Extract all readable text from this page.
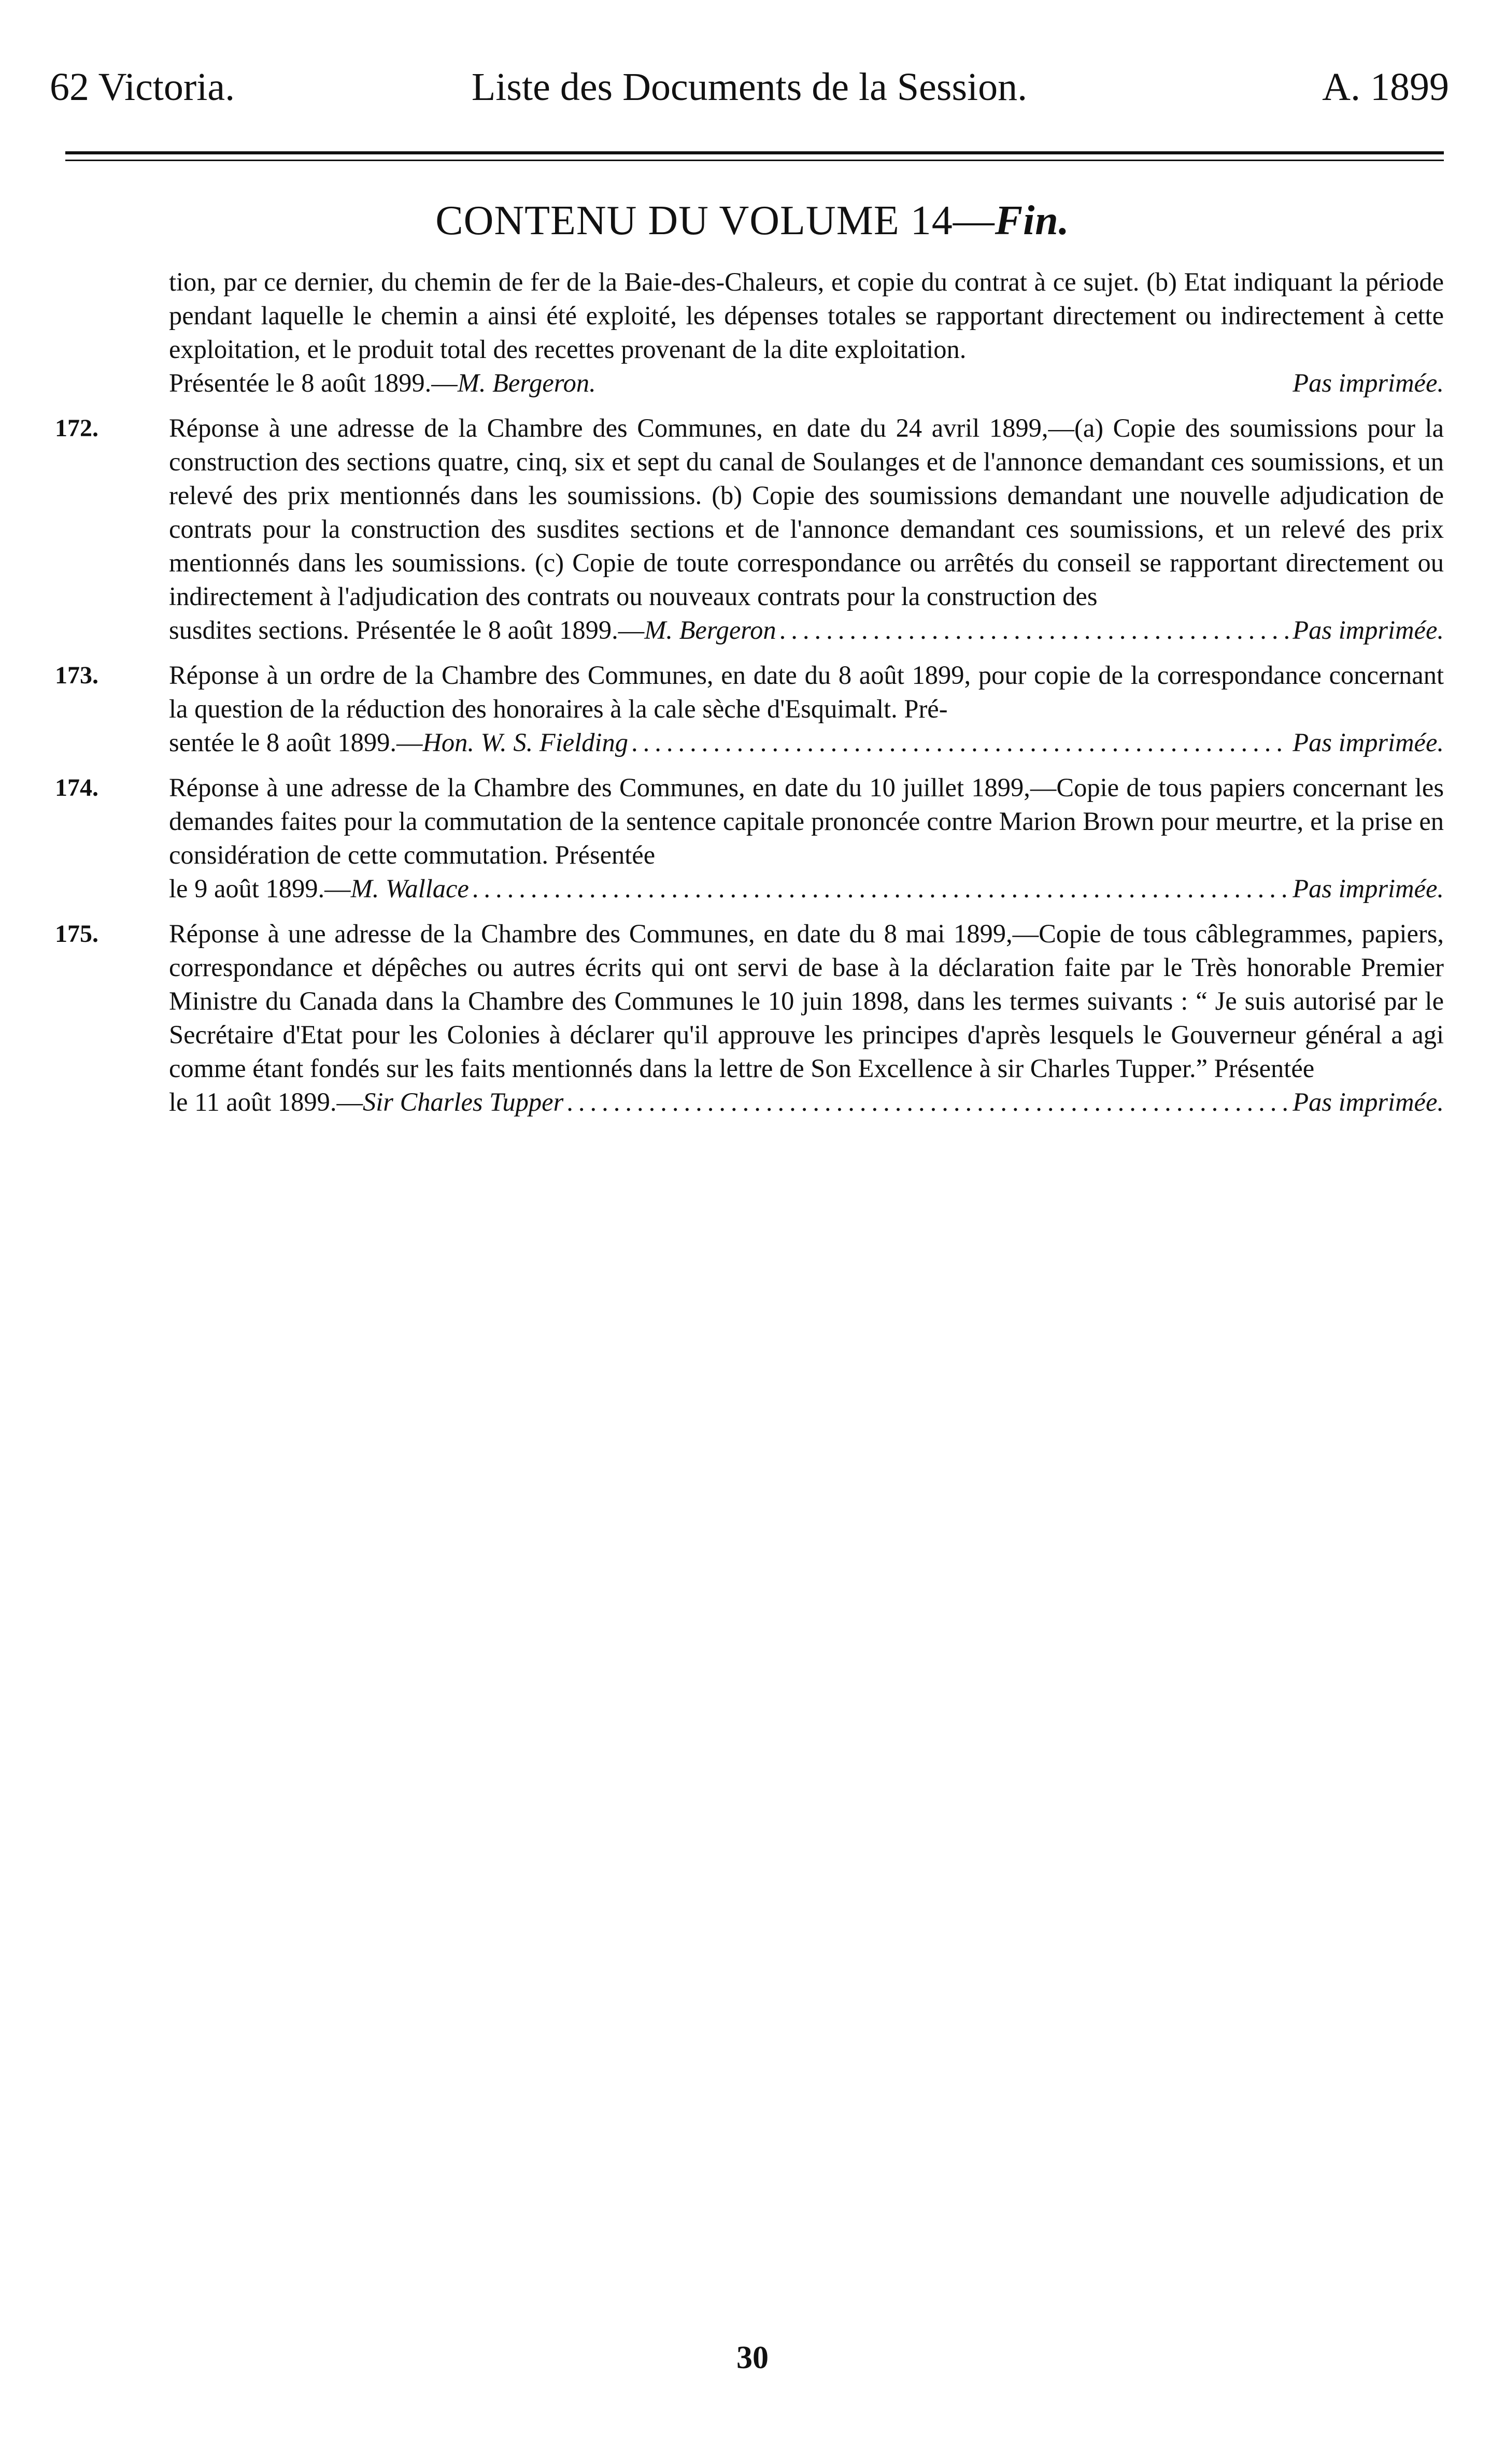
62 Victoria.	Liste des Documents de la Session.	A. 1899
CONTENU DU VOLUME 14—Fin.
tion, par ce dernier, du chemin de fer de la Baie-des-Chaleurs, et copie du contrat à ce sujet. (b) Etat indiquant la période pendant laquelle le chemin a ainsi été exploité, les dépenses totales se rapportant directement ou indirectement à cette exploitation, et le produit total des recettes provenant de la dite exploitation.
Présentée le 8 août 1899.— M. Bergeron.	Pas imprimée.
172.	Réponse à une adresse de la Chambre des Communes, en date du 24 avril 1899,—(a) Copie des soumissions pour la construction des sections quatre, cinq, six et sept du canal de Soulanges et de l'annonce demandant ces soumissions, et un relevé des prix mentionnés dans les soumissions. (b) Copie des soumissions demandant une nouvelle adjudication de contrats pour la construction des susdites sections et de l'annonce demandant ces soumissions, et un relevé des prix mentionnés dans les soumissions. (c) Copie de toute correspondance ou arrêtés du conseil se rapportant directement ou indirectement à l'adjudication des contrats ou nouveaux contrats pour la construction des
susdites sections. Présentée le 8 août 1899.— M. Bergeron .....	Pas imprimée.
173.	Réponse à un ordre de la Chambre des Communes, en date du 8 août 1899, pour copie de la correspondance concernant la question de la réduction des honoraires à la cale sèche d'Esquimalt. Pré-
sentée le 8 août 1899.— Hon. W. S. Fielding .....	Pas imprimée.
174.	Réponse à une adresse de la Chambre des Communes, en date du 10 juillet 1899,—Copie de tous papiers concernant les demandes faites pour la commutation de la sentence capitale prononcée contre Marion Brown pour meurtre, et la prise en considération de cette commutation. Présentée
le 9 août 1899.— M. Wallace .....	Pas imprimée.
175.	Réponse à une adresse de la Chambre des Communes, en date du 8 mai 1899,—Copie de tous câblegrammes, papiers, correspondance et dépêches ou autres écrits qui ont servi de base à la déclaration faite par le Très honorable Premier Ministre du Canada dans la Chambre des Communes le 10 juin 1898, dans les termes suivants : “ Je suis autorisé par le Secrétaire d'Etat pour les Colonies à déclarer qu'il approuve les principes d'après lesquels le Gouverneur général a agi comme étant fondés sur les faits mentionnés dans la lettre de Son Excellence à sir Charles Tupper.” Présentée
le 11 août 1899.— Sir Charles Tupper .....	Pas imprimée.
30
